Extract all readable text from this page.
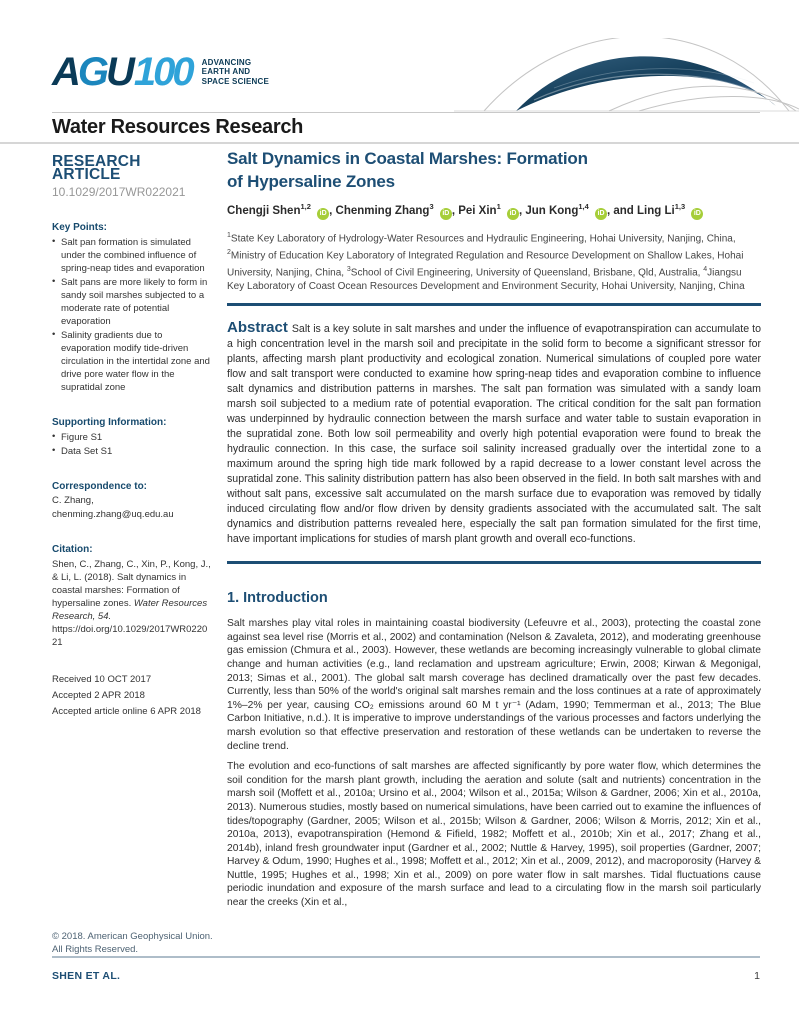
AGU100 ADVANCING
EARTH AND
SPACE SCIENCE
Water Resources Research
RESEARCH ARTICLE
10.1029/2017WR022021
Key Points:
• Salt pan formation is simulated under the combined influence of spring-neap tides and evaporation
• Salt pans are more likely to form in sandy soil marshes subjected to a moderate rate of potential evaporation
• Salinity gradients due to evaporation modify tide-driven circulation in the intertidal zone and drive pore water flow in the supratidal zone
Supporting Information:
• Figure S1
• Data Set S1
Correspondence to:
C. Zhang,
chenming.zhang@uq.edu.au
Citation:
Shen, C., Zhang, C., Xin, P., Kong, J., & Li, L. (2018). Salt dynamics in coastal marshes: Formation of hypersaline zones. Water Resources Research, 54. https://doi.org/10.1029/2017WR022021
Received 10 OCT 2017
Accepted 2 APR 2018
Accepted article online 6 APR 2018
© 2018. American Geophysical Union.
All Rights Reserved.
Salt Dynamics in Coastal Marshes: Formation
of Hypersaline Zones
Chengji Shen$^{1,2}$ iD , Chenming Zhang$^3$ iD , Pei Xin$^1$ iD , Jun Kong$^{1,4}$ iD , and Ling Li$^{1,3}$ iD
$^1$State Key Laboratory of Hydrology-Water Resources and Hydraulic Engineering, Hohai University, Nanjing, China, $^2$Ministry of Education Key Laboratory of Integrated Regulation and Resource Development on Shallow Lakes, Hohai University, Nanjing, China, $^3$School of Civil Engineering, University of Queensland, Brisbane, Qld, Australia, $^4$Jiangsu Key Laboratory of Coast Ocean Resources Development and Environment Security, Hohai University, Nanjing, China
Abstract Salt is a key solute in salt marshes and under the influence of evapotranspiration can accumulate to a high concentration level in the marsh soil and precipitate in the solid form to become a significant stressor for plants, affecting marsh plant productivity and ecological zonation. Numerical simulations of coupled pore water flow and salt transport were conducted to examine how spring-neap tides and evaporation combine to influence salt dynamics and distribution patterns in marshes. The salt pan formation was simulated with a sandy loam marsh soil subjected to a medium rate of potential evaporation. The critical condition for the salt pan formation was underpinned by hydraulic connection between the marsh surface and water table to sustain evaporation in the supratidal zone. Both low soil permeability and overly high potential evaporation were found to break the hydraulic connection. In this case, the surface soil salinity increased gradually over the intertidal zone to a maximum around the spring high tide mark followed by a rapid decrease to a lower constant level across the supratidal zone. This salinity distribution pattern has also been observed in the field. In both salt marshes with and without salt pans, excessive salt accumulated on the marsh surface due to evaporation was removed by tidally induced circulating flow and/or flow driven by density gradients associated with the accumulated salt. The salt dynamics and distribution patterns revealed here, especially the salt pan formation simulated for the first time, have important implications for studies of marsh plant growth and overall eco-functions.
1. Introduction

Salt marshes play vital roles in maintaining coastal biodiversity (Lefeuvre et al., 2003), protecting the coastal zone against sea level rise (Morris et al., 2002) and contamination (Nelson & Zavaleta, 2012), and moderating greenhouse gas emission (Chmura et al., 2003). However, these wetlands are becoming increasingly vulnerable to global climate change and human activities (e.g., land reclamation and upstream agriculture; Erwin, 2008; Kirwan & Megonigal, 2013; Simas et al., 2001). The global salt marsh coverage has declined dramatically over the past few decades. Currently, less than 50% of the world's original salt marshes remain and the loss continues at a rate of approximately 1%–2% per year, causing CO₂ emissions around 60 M t yr⁻¹ (Adam, 1990; Temmerman et al., 2013; The Blue Carbon Initiative, n.d.). It is imperative to improve understandings of the various processes and factors underlying the marsh evolution so that effective preservation and restoration of these wetlands can be undertaken to reverse the decline trend.

The evolution and eco-functions of salt marshes are affected significantly by pore water flow, which determines the soil condition for the marsh plant growth, including the aeration and solute (salt and nutrients) concentration in the marsh soil (Moffett et al., 2010a; Ursino et al., 2004; Wilson et al., 2015a; Wilson & Gardner, 2006; Xin et al., 2010a, 2013). Numerous studies, mostly based on numerical simulations, have been carried out to examine the influences of tides/topography (Gardner, 2005; Wilson et al., 2015b; Wilson & Gardner, 2006; Wilson & Morris, 2012; Xin et al., 2010a, 2013), evapotranspiration (Hemond & Fifield, 1982; Moffett et al., 2010b; Xin et al., 2017; Zhang et al., 2014b), inland fresh groundwater input (Gardner et al., 2002; Nuttle & Harvey, 1995), soil properties (Gardner, 2007; Harvey & Odum, 1990; Hughes et al., 1998; Moffett et al., 2012; Xin et al., 2009, 2012), and macroporosity (Harvey & Nuttle, 1995; Hughes et al., 1998; Xin et al., 2009) on pore water flow in salt marshes. Tidal fluctuations cause periodic inundation and exposure of the marsh surface and lead to a circulating flow in the marsh soil particularly near the creeks (Xin et al.,

SHEN ET AL.	1
